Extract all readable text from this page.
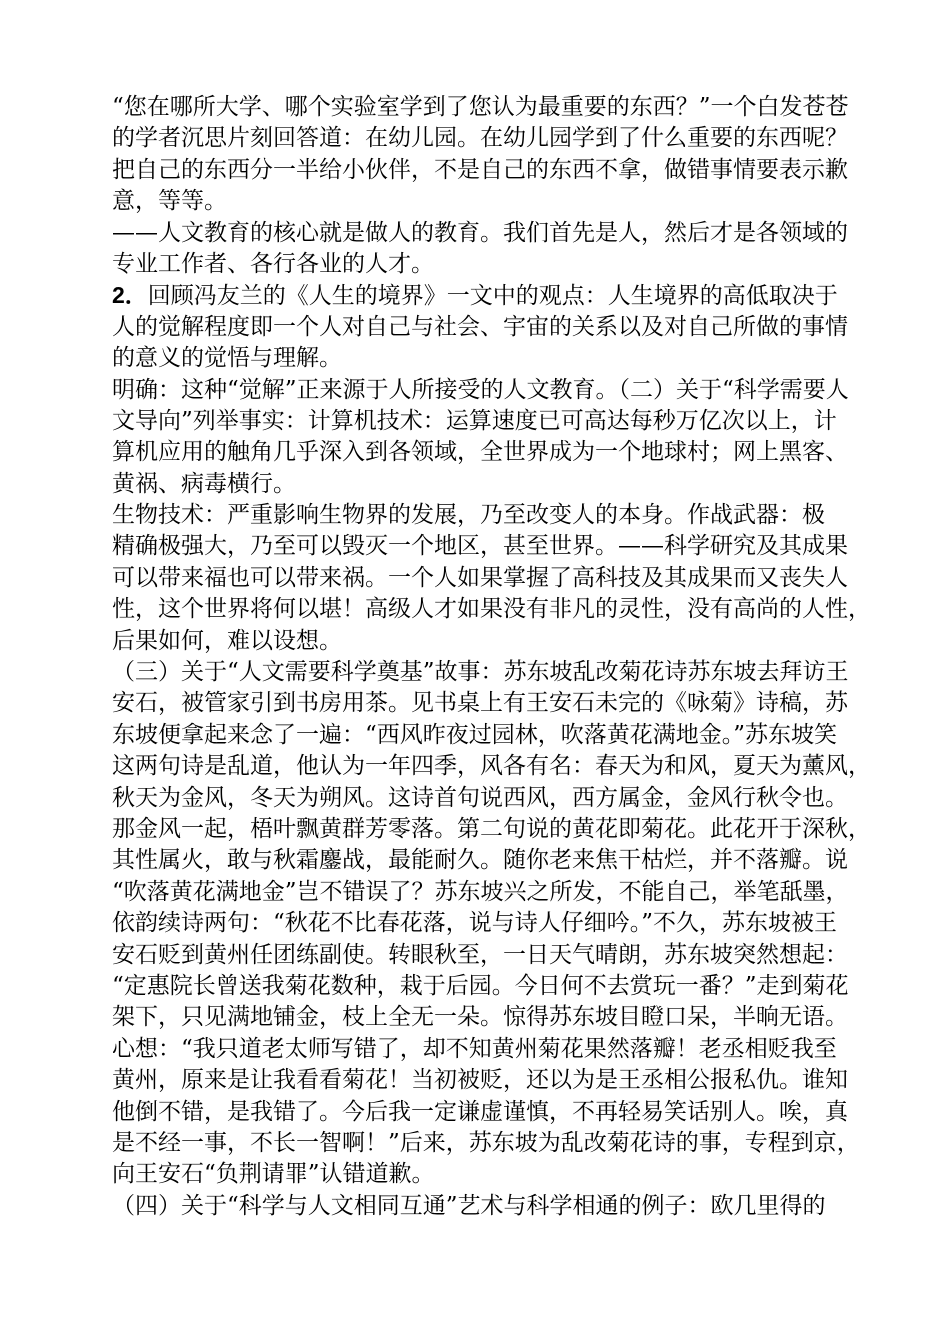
“您在哪所大学、哪个实验室学到了您认为最重要的东西？”一个白发苍苍
的学者沉思片刻回答道：在幼儿园。在幼儿园学到了什么重要的东西呢？
把自己的东西分一半给小伙伴，不是自己的东西不拿，做错事情要表示歉
意，等等。
——人文教育的核心就是做人的教育。我们首先是人，然后才是各领域的
专业工作者、各行各业的人才。
2．回顾冯友兰的《人生的境界》一文中的观点：人生境界的高低取决于
人的觉解程度即一个人对自己与社会、宇宙的关系以及对自己所做的事情
的意义的觉悟与理解。
明确：这种“觉解”正来源于人所接受的人文教育。（二）关于“科学需要人
文导向”列举事实：计算机技术：运算速度已可高达每秒万亿次以上，计
算机应用的触角几乎深入到各领域，全世界成为一个地球村；网上黑客、
黄祸、病毒横行。
生物技术：严重影响生物界的发展，乃至改变人的本身。作战武器：极
精确极强大，乃至可以毁灭一个地区，甚至世界。——科学研究及其成果
可以带来福也可以带来祸。一个人如果掌握了高科技及其成果而又丧失人
性，这个世界将何以堪！高级人才如果没有非凡的灵性，没有高尚的人性，
后果如何，难以设想。
（三）关于“人文需要科学奠基”故事：苏东坡乱改菊花诗苏东坡去拜访王
安石，被管家引到书房用茶。见书桌上有王安石未完的《咏菊》诗稿，苏
东坡便拿起来念了一遍：“西风昨夜过园林，吹落黄花满地金。”苏东坡笑
这两句诗是乱道，他认为一年四季，风各有名：春天为和风，夏天为薰风，
秋天为金风，冬天为朔风。这诗首句说西风，西方属金，金风行秋令也。
那金风一起，梧叶飘黄群芳零落。第二句说的黄花即菊花。此花开于深秋，
其性属火，敢与秋霜鏖战，最能耐久。随你老来焦干枯烂，并不落瓣。说
“吹落黄花满地金”岂不错误了？苏东坡兴之所发，不能自己，举笔舐墨，
依韵续诗两句：“秋花不比春花落，说与诗人仔细吟。”不久，苏东坡被王
安石贬到黄州任团练副使。转眼秋至，一日天气晴朗，苏东坡突然想起：
“定惠院长曾送我菊花数种，栽于后园。今日何不去赏玩一番？”走到菊花
架下，只见满地铺金，枝上全无一朵。惊得苏东坡目瞪口呆，半晌无语。
心想：“我只道老太师写错了，却不知黄州菊花果然落瓣！老丞相贬我至
黄州，原来是让我看看菊花！当初被贬，还以为是王丞相公报私仇。谁知
他倒不错，是我错了。今后我一定谦虚谨慎，不再轻易笑话别人。唉，真
是不经一事，不长一智啊！”后来，苏东坡为乱改菊花诗的事，专程到京，
向王安石“负荆请罪”认错道歉。
（四）关于“科学与人文相同互通”艺术与科学相通的例子：欧几里得的
